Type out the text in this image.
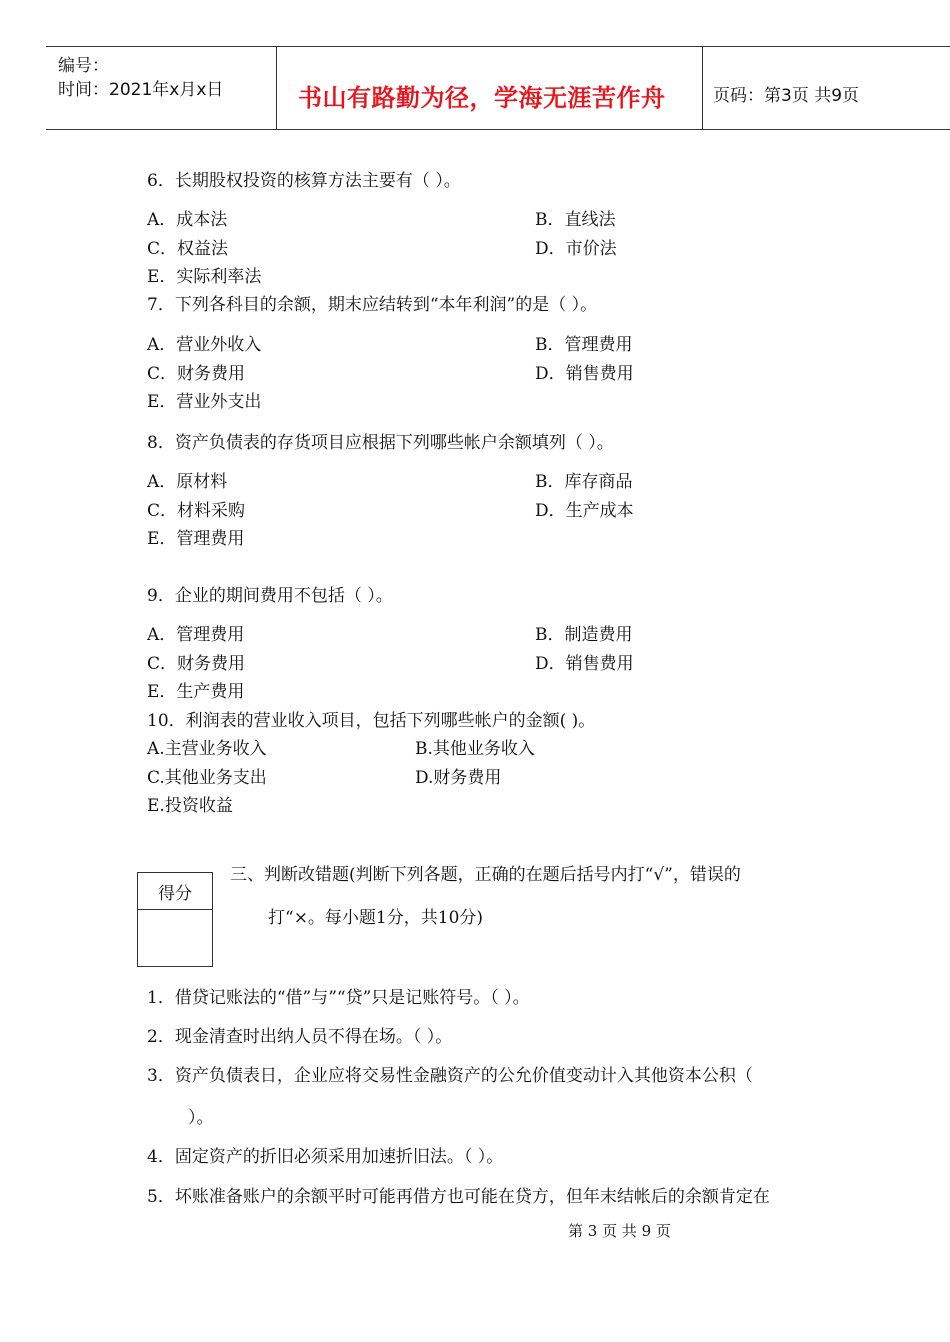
编号：
时间：2021年x月x日	书山有路勤为径，学海无涯苦作舟	页码：第3页 共9页
6．长期股权投资的核算方法主要有（ ）。
A．成本法	B．直线法
C．权益法	D．市价法
E．实际利率法
7．下列各科目的余额，期末应结转到“本年利润”的是（ ）。
A．营业外收入	B．管理费用
C．财务费用	D．销售费用
E．营业外支出
8．资产负债表的存货项目应根据下列哪些帐户余额填列（ ）。
A．原材料	B．库存商品
C．材料采购	D．生产成本
E．管理费用
9．企业的期间费用不包括（ ）。
A．管理费用	B．制造费用
C．财务费用	D．销售费用
E．生产费用
10．利润表的营业收入项目，包括下列哪些帐户的金额( )。
A.主营业务收入	B.其他业务收入
C.其他业务支出	D.财务费用
E.投资收益
得分
三、判断改错题(判断下列各题，正确的在题后括号内打“√”，错误的
打“×。每小题1分，共10分)
1．借贷记账法的“借”与”“贷”只是记账符号。（ ）。
2．现金清查时出纳人员不得在场。（ ）。
3．资产负债表日，企业应将交易性金融资产的公允价值变动计入其他资本公积（
）。
4．固定资产的折旧必须采用加速折旧法。（ ）。
5．坏账准备账户的余额平时可能再借方也可能在贷方，但年末结帐后的余额肯定在
第 3 页 共 9 页
